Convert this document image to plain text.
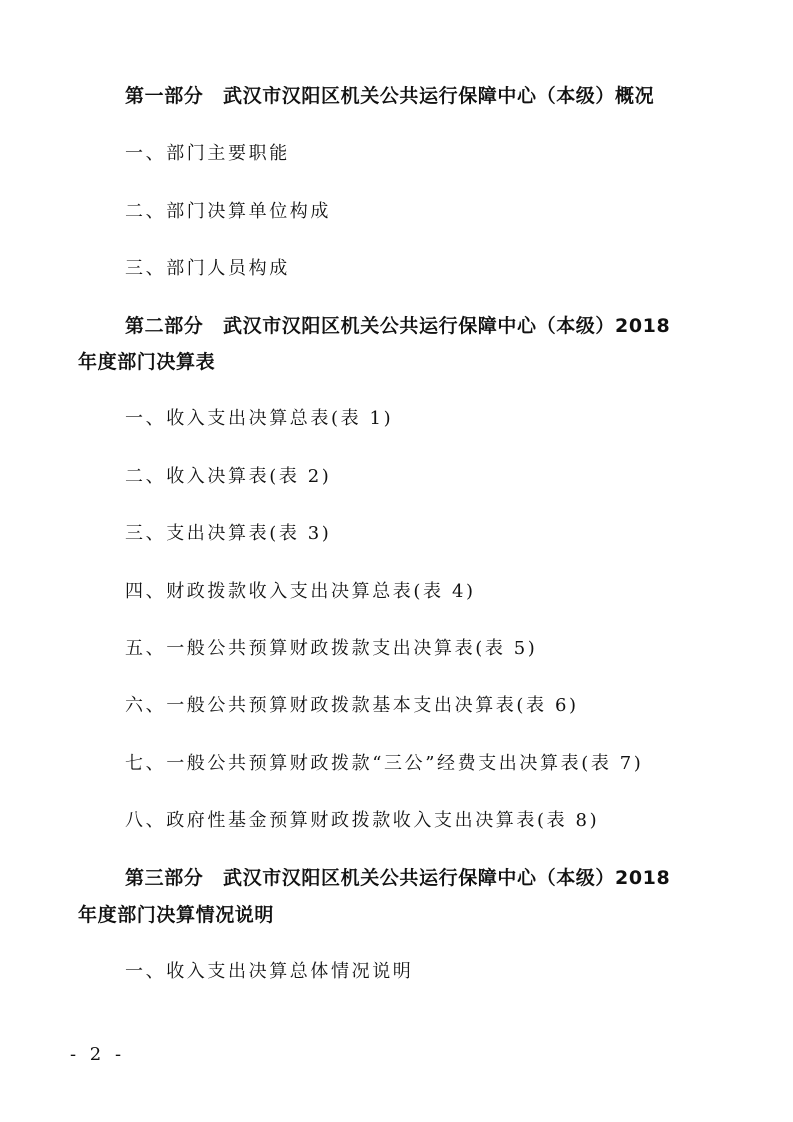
第一部分　武汉市汉阳区机关公共运行保障中心（本级）概况
一、部门主要职能
二、部门决算单位构成
三、部门人员构成
第二部分　武汉市汉阳区机关公共运行保障中心（本级）2018
年度部门决算表
一、收入支出决算总表(表 1)
二、收入决算表(表 2)
三、支出决算表(表 3)
四、财政拨款收入支出决算总表(表 4)
五、一般公共预算财政拨款支出决算表(表 5)
六、一般公共预算财政拨款基本支出决算表(表 6)
七、一般公共预算财政拨款“三公”经费支出决算表(表 7)
八、政府性基金预算财政拨款收入支出决算表(表 8)
第三部分　武汉市汉阳区机关公共运行保障中心（本级）2018
年度部门决算情况说明
一、收入支出决算总体情况说明
- 2 -
